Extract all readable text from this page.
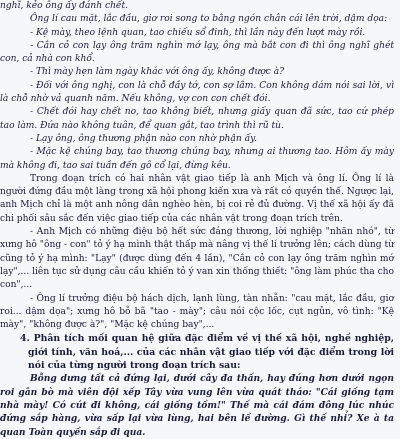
nghĩ, kẻo ông ấy đánh chết.

Ông lí cau mặt, lắc đầu, giơ roi song to bằng ngón chân cái lên trời, dậm dọa:

- Kệ mày, theo lệnh quan, tao chiếu sổ đinh, thì lần này đến lượt mày rồi.

- Cắn cỏ con lạy ông trăm nghìn mớ lạy, ông mà bắt con đi thì ông nghĩ ghét con, cả nhà con khổ.

- Thì mày hẹn làm ngày khác với ông ấy, không được à?

- Đối với ông nghị, con là chỗ đầy tớ, con sợ lắm. Con không dám nói sai lời, vì là chỗ nhờ vả quanh năm. Nếu không, vợ con con chết đói.

- Chết đói hay chết no, tao không biết, nhưng giấy quan đã sức, tao cứ phép tao làm. Đứa nào không tuân, để quan gắt, tao trình thì rũ tù.

- Lạy ông, ông thương phận nào con nhờ phận ấy.

- Mặc kệ chúng bay, tao thương chúng bay, nhưng ai thương tao. Hôm ấy mày mà không đi, tao sai tuần đến gô cổ lại, đừng kêu.

Trong đoạn trích có hai nhân vật giao tiếp là anh Mịch và ông lí. Ông lí là người đứng đầu một làng trong xã hội phong kiến xưa và rất có quyền thế. Ngược lại, anh Mịch chỉ là một anh nông dân nghèo hèn, bị coi rẻ đủ đường. Vị thế xã hội ấy đã chi phối sâu sắc đến việc giao tiếp của các nhân vật trong đoạn trích trên.

- Anh Mịch có những điệu bộ hết sức đáng thương, lời nghiệp "nhăn nhó", từ xưng hô "ông - con" tỏ ý hạ mình thật thấp mà nâng vị thế lí trưởng lên; cách dùng từ cũng tỏ ý hạ mình: "Lạy" (được dùng đến 4 lần), "Cắn cỏ con lạy ông trăm nghìn mớ lạy",... liên tục sử dụng câu cầu khiến tỏ ý van xin thống thiết: "ông làm phúc tha cho con",...

- Ông lí trưởng điệu bộ hách dịch, lạnh lùng, tàn nhẫn: "cau mặt, lắc đầu, giơ roi... dậm dọa"; xưng hô bỗ bã "tao - mày"; câu nói cộc lốc, cụt ngủn, vô tình: "Kệ mày", "không được à?", "Mặc kệ chúng bay",...

4. Phân tích mối quan hệ giữa đặc điểm về vị thế xã hội, nghề nghiệp, giới tính, văn hoá,... của các nhân vật giao tiếp với đặc điểm trong lời nói của từng người trong đoạn trích sau:

Bỗng dưng tất cả đứng lại, dưới cây đa thấn, hay đúng hơn dưới ngọn roi gân bò mà viên đội xếp Tây vừa vung lên vừa quát tháo: "Cái giống tạm nhà mày! Có cút đi không, cái giống tồm!" Thế mà cái đám đông lúc nhúc đứng sắp hàng, vừa sấp lại vừa lùng, hai bên lề đường. Gì thế nhỉ? Xe à ta quan Toàn quyền sắp đi qua.
